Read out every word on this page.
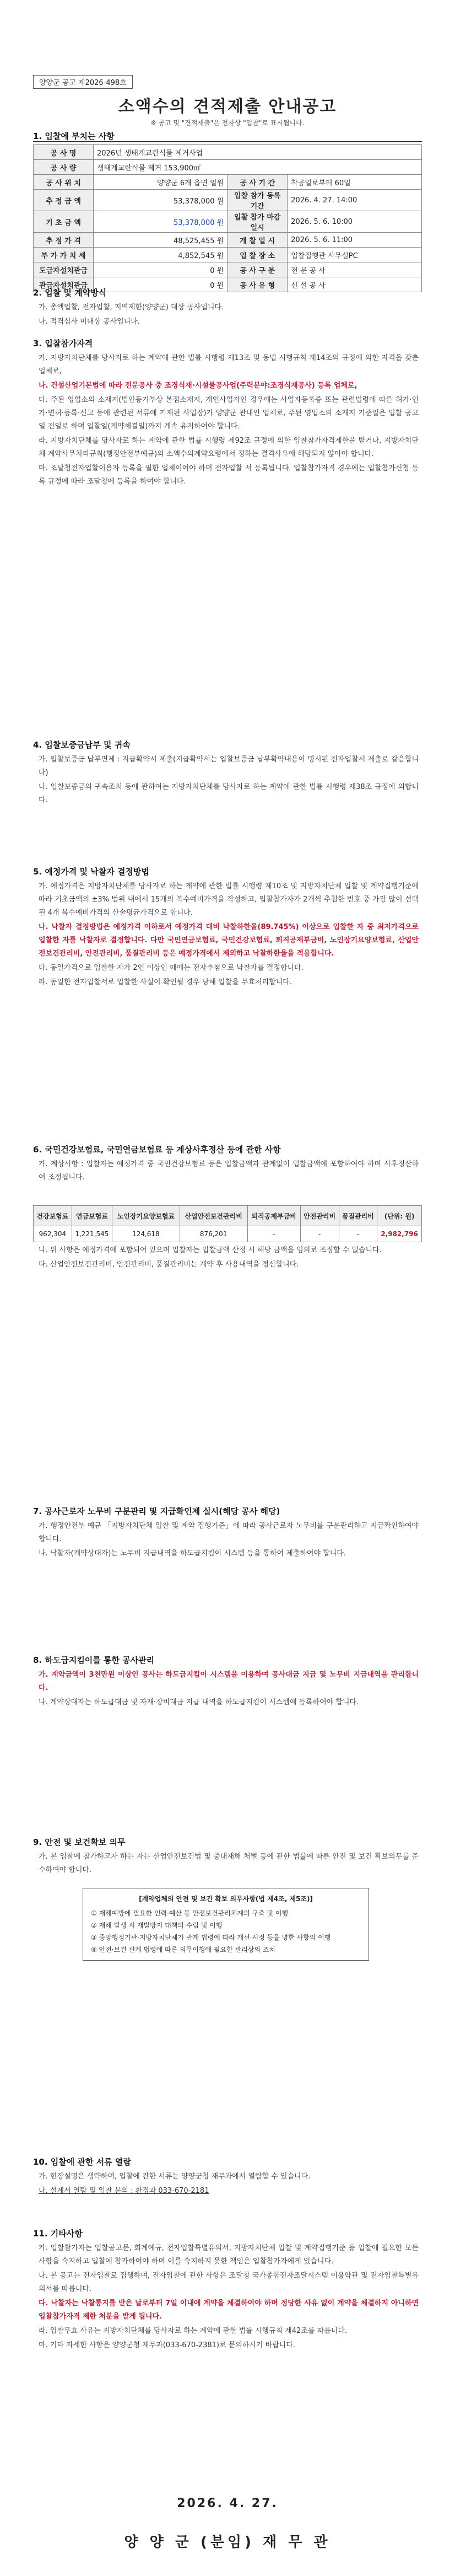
양양군 공고 제2026-498호
소액수의 견적제출 안내공고
※ 공고 및 "견적제출"은 전자상 "입찰"로 표시됩니다.
1. 입찰에 부치는 사항
공 사 명	2026년 생태계교란식물 제거사업		
공 사 량	생태계교란식물 제거 153,900㎡		
공 사 위 치	양양군 6개 읍면 일원	공 사 기 간	착공일로부터 60일
추 정 금 액	53,378,000 원	입찰 참가 등록 기간	2026. 4. 27. 14:00
기 초 금 액	53,378,000 원	입찰 참가 마감 일시	2026. 5. 6. 10:00
추 정 가 격	48,525,455 원	개 찰 일 시	2026. 5. 6. 11:00
부 가 가 치 세	4,852,545 원	입 찰 장 소	입찰집행관 사무실PC
도급자설치관급	0 원	공 사 구 분	전 문 공 사
관급자설치관급	0 원	공 사 유 형	신 설 공 사
2. 입찰 및 계약방식

가. 총액입찰, 전자입찰, 지역제한(양양군) 대상 공사입니다.

나. 적격심사 미대상 공사입니다.

3. 입찰참가자격

가. 지방자치단체를 당사자로 하는 계약에 관한 법률 시행령 제13조 및 동법 시행규칙 제14조의 규정에 의한 자격을 갖춘 업체로,

나. 건설산업기본법에 따라 전문공사 중 조경식재·시설물공사업(주력분야:조경식재공사) 등록 업체로,

다. 주된 영업소의 소재지(법인등기부상 본점소재지, 개인사업자인 경우에는 사업자등록증 또는 관련법령에 따른 허가·인가·면허·등록·신고 등에 관련된 서류에 기재된 사업장)가 양양군 관내인 업체로, 주된 영업소의 소재지 기준일은 입찰 공고일 전일로 하며 입찰일(계약체결일)까지 계속 유지하여야 합니다.

라. 지방자치단체를 당사자로 하는 계약에 관한 법률 시행령 제92조 규정에 의한 입찰참가자격제한을 받거나, 지방자치단체 계약사무처리규칙(행정안전부예규)의 소액수의계약요령에서 정하는 결격사유에 해당되지 않아야 합니다.

마. 조달청전자입찰이용자 등록을 필한 업체이어야 하며 전자입찰 서 등록됩니다. 입찰참가자격 경우에는 입찰참가신청 등록 규정에 따라 조달청에 등록을 하여야 합니다.

4. 입찰보증금납부 및 귀속

가. 입찰보증금 납부면제 : 지급확약서 제출(지급확약서는 입찰보증금 납부확약내용이 명시된 전자입찰서 제출로 갈음합니다)

나. 입찰보증금의 귀속조치 등에 관하여는 지방자치단체를 당사자로 하는 계약에 관한 법률 시행령 제38조 규정에 의합니다.

5. 예정가격 및 낙찰자 결정방법

가. 예정가격은 지방자치단체를 당사자로 하는 계약에 관한 법률 시행령 제10조 및 지방자치단체 입찰 및 계약집행기준에 따라 기초금액의 ±3% 범위 내에서 15개의 복수예비가격을 작성하고, 입찰참가자가 2개씩 추첨한 번호 중 가장 많이 선택된 4개 복수예비가격의 산술평균가격으로 합니다.

나. 낙찰자 결정방법은 예정가격 이하로서 예정가격 대비 낙찰하한율(89.745%) 이상으로 입찰한 자 중 최저가격으로 입찰한 자를 낙찰자로 결정합니다. 다만 국민연금보험료, 국민건강보험료, 퇴직공제부금비, 노인장기요양보험료, 산업안전보건관리비, 안전관리비, 품질관리비 등은 예정가격에서 제외하고 낙찰하한율을 적용합니다.

다. 동일가격으로 입찰한 자가 2인 이상인 때에는 전자추첨으로 낙찰자를 결정합니다.

라. 동일한 전자입찰서로 입찰한 사실이 확인될 경우 당해 입찰을 무효처리합니다.

6. 국민건강보험료, 국민연금보험료 등 계상사후정산 등에 관한 사항

가. 계상사항 : 입찰자는 예정가격 중 국민건강보험료 등은 입찰금액과 관계없이 입찰금액에 포함하여야 하며 사후정산하여 조정됩니다.

건강보험료	연금보험료	노인장기요양보험료	산업안전보건관리비	퇴직공제부금비	안전관리비	품질관리비	(단위: 원)
962,304	1,221,545	124,618	876,201	-	-	-	2,982,796

나. 위 사항은 예정가격에 포함되어 있으며 입찰자는 입찰금액 산정 시 해당 금액을 임의로 조정할 수 없습니다.

다. 산업안전보건관리비, 안전관리비, 품질관리비는 계약 후 사용내역을 정산합니다.

7. 공사근로자 노무비 구분관리 및 지급확인제 실시(해당 공사 해당)

가. 행정안전부 예규 「지방자치단체 입찰 및 계약 집행기준」에 따라 공사근로자 노무비를 구분관리하고 지급확인하여야 합니다.

나. 낙찰자(계약상대자)는 노무비 지급내역을 하도급지킴이 시스템 등을 통하여 제출하여야 합니다.

8. 하도급지킴이를 통한 공사관리

가. 계약금액이 3천만원 이상인 공사는 하도급지킴이 시스템을 이용하여 공사대금 지급 및 노무비 지급내역을 관리합니다.

나. 계약상대자는 하도급대금 및 자재·장비대금 지급 내역을 하도급지킴이 시스템에 등록하여야 합니다.

9. 안전 및 보건확보 의무

가. 본 입찰에 참가하고자 하는 자는 산업안전보건법 및 중대재해 처벌 등에 관한 법률에 따른 안전 및 보건 확보의무를 준수하여야 합니다.

[계약업체의 안전 및 보건 확보 의무사항(법 제4조, 제5조)]
① 재해예방에 필요한 인력·예산 등 안전보건관리체계의 구축 및 이행
② 재해 발생 시 재발방지 대책의 수립 및 이행
③ 중앙행정기관·지방자치단체가 관계 법령에 따라 개선·시정 등을 명한 사항의 이행
④ 안전·보건 관계 법령에 따른 의무이행에 필요한 관리상의 조치
10. 입찰에 관한 서류 열람

가. 현장설명은 생략하며, 입찰에 관한 서류는 양양군청 재무과에서 열람할 수 있습니다.

나. 설계서 열람 및 입찰 문의 : 환경과 033-670-2181

11. 기타사항

가. 입찰참가자는 입찰공고문, 회계예규, 전자입찰특별유의서, 지방자치단체 입찰 및 계약집행기준 등 입찰에 필요한 모든 사항을 숙지하고 입찰에 참가하여야 하며 이를 숙지하지 못한 책임은 입찰참가자에게 있습니다.

나. 본 공고는 전자입찰로 집행하며, 전자입찰에 관한 사항은 조달청 국가종합전자조달시스템 이용약관 및 전자입찰특별유의서를 따릅니다.

다. 낙찰자는 낙찰통지를 받은 날로부터 7일 이내에 계약을 체결하여야 하며 정당한 사유 없이 계약을 체결하지 아니하면 입찰참가자격 제한 처분을 받게 됩니다.

라. 입찰무효 사유는 지방자치단체를 당사자로 하는 계약에 관한 법률 시행규칙 제42조를 따릅니다.

마. 기타 자세한 사항은 양양군청 재무과(033-670-2381)로 문의하시기 바랍니다.

2026. 4. 27.
양 양 군 (분임) 재 무 관
